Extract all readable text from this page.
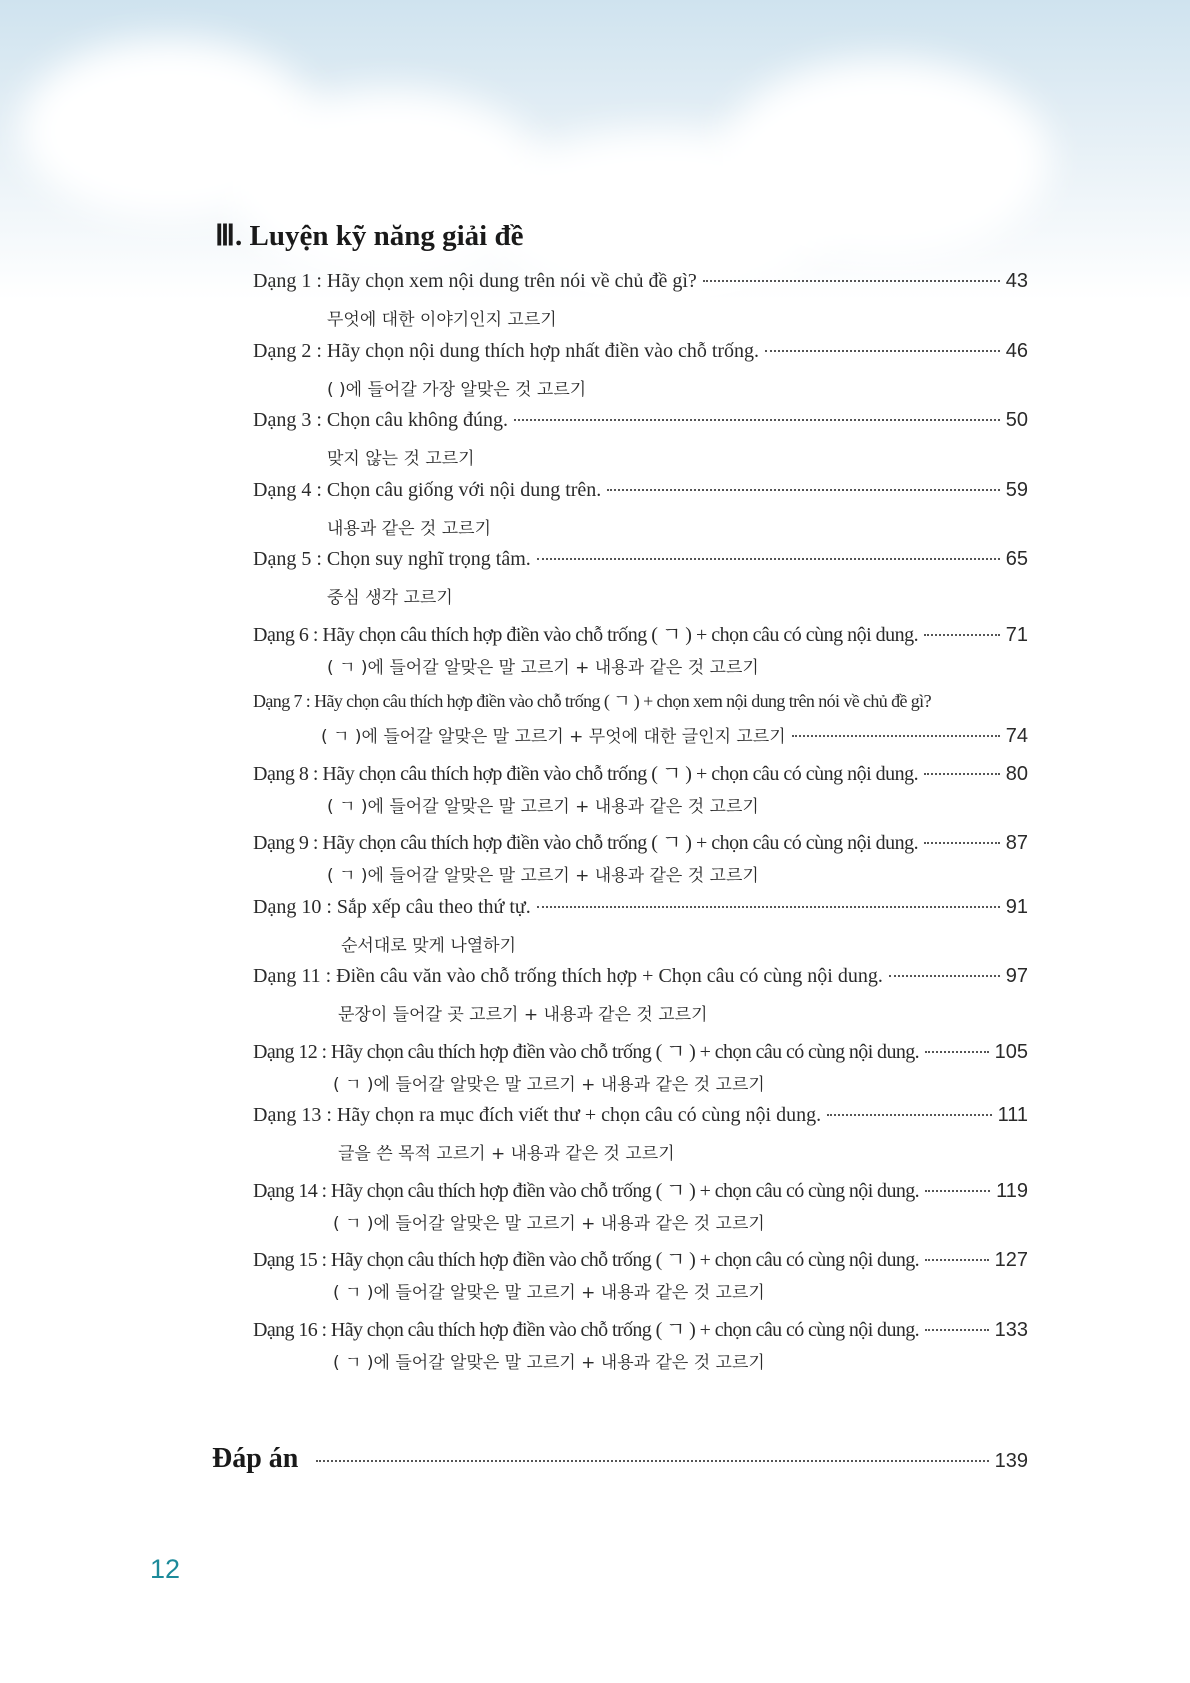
Ⅲ. Luyện kỹ năng giải đề
Dạng 1 : Hãy chọn xem nội dung trên nói về chủ đề gì?	43
무엇에 대한 이야기인지 고르기
Dạng 2 : Hãy chọn nội dung thích hợp nhất điền vào chỗ trống.	46
( )에 들어갈 가장 알맞은 것 고르기
Dạng 3 : Chọn câu không đúng.	50
맞지 않는 것 고르기
Dạng 4 : Chọn câu giống với nội dung trên.	59
내용과 같은 것 고르기
Dạng 5 : Chọn suy nghĩ trọng tâm.	65
중심 생각 고르기
Dạng 6 : Hãy chọn câu thích hợp điền vào chỗ trống ( ㄱ ) + chọn câu có cùng nội dung.	71
( ㄱ )에 들어갈 알맞은 말 고르기 + 내용과 같은 것 고르기
Dạng 7 : Hãy chọn câu thích hợp điền vào chỗ trống ( ㄱ ) + chọn xem nội dung trên nói về chủ đề gì?
( ㄱ )에 들어갈 알맞은 말 고르기 + 무엇에 대한 글인지 고르기	74
Dạng 8 : Hãy chọn câu thích hợp điền vào chỗ trống ( ㄱ ) + chọn câu có cùng nội dung.	80
( ㄱ )에 들어갈 알맞은 말 고르기 + 내용과 같은 것 고르기
Dạng 9 : Hãy chọn câu thích hợp điền vào chỗ trống ( ㄱ ) + chọn câu có cùng nội dung.	87
( ㄱ )에 들어갈 알맞은 말 고르기 + 내용과 같은 것 고르기
Dạng 10 : Sắp xếp câu theo thứ tự.	91
순서대로 맞게 나열하기
Dạng 11 : Điền câu văn vào chỗ trống thích hợp + Chọn câu có cùng nội dung.	97
문장이 들어갈 곳 고르기 + 내용과 같은 것 고르기
Dạng 12 : Hãy chọn câu thích hợp điền vào chỗ trống ( ㄱ ) + chọn câu có cùng nội dung.	105
( ㄱ )에 들어갈 알맞은 말 고르기 + 내용과 같은 것 고르기
Dạng 13 : Hãy chọn ra mục đích viết thư + chọn câu có cùng nội dung.	111
글을 쓴 목적 고르기 + 내용과 같은 것 고르기
Dạng 14 : Hãy chọn câu thích hợp điền vào chỗ trống ( ㄱ ) + chọn câu có cùng nội dung.	119
( ㄱ )에 들어갈 알맞은 말 고르기 + 내용과 같은 것 고르기
Dạng 15 : Hãy chọn câu thích hợp điền vào chỗ trống ( ㄱ ) + chọn câu có cùng nội dung.	127
( ㄱ )에 들어갈 알맞은 말 고르기 + 내용과 같은 것 고르기
Dạng 16 : Hãy chọn câu thích hợp điền vào chỗ trống ( ㄱ ) + chọn câu có cùng nội dung.	133
( ㄱ )에 들어갈 알맞은 말 고르기 + 내용과 같은 것 고르기
Đáp án	139
12
